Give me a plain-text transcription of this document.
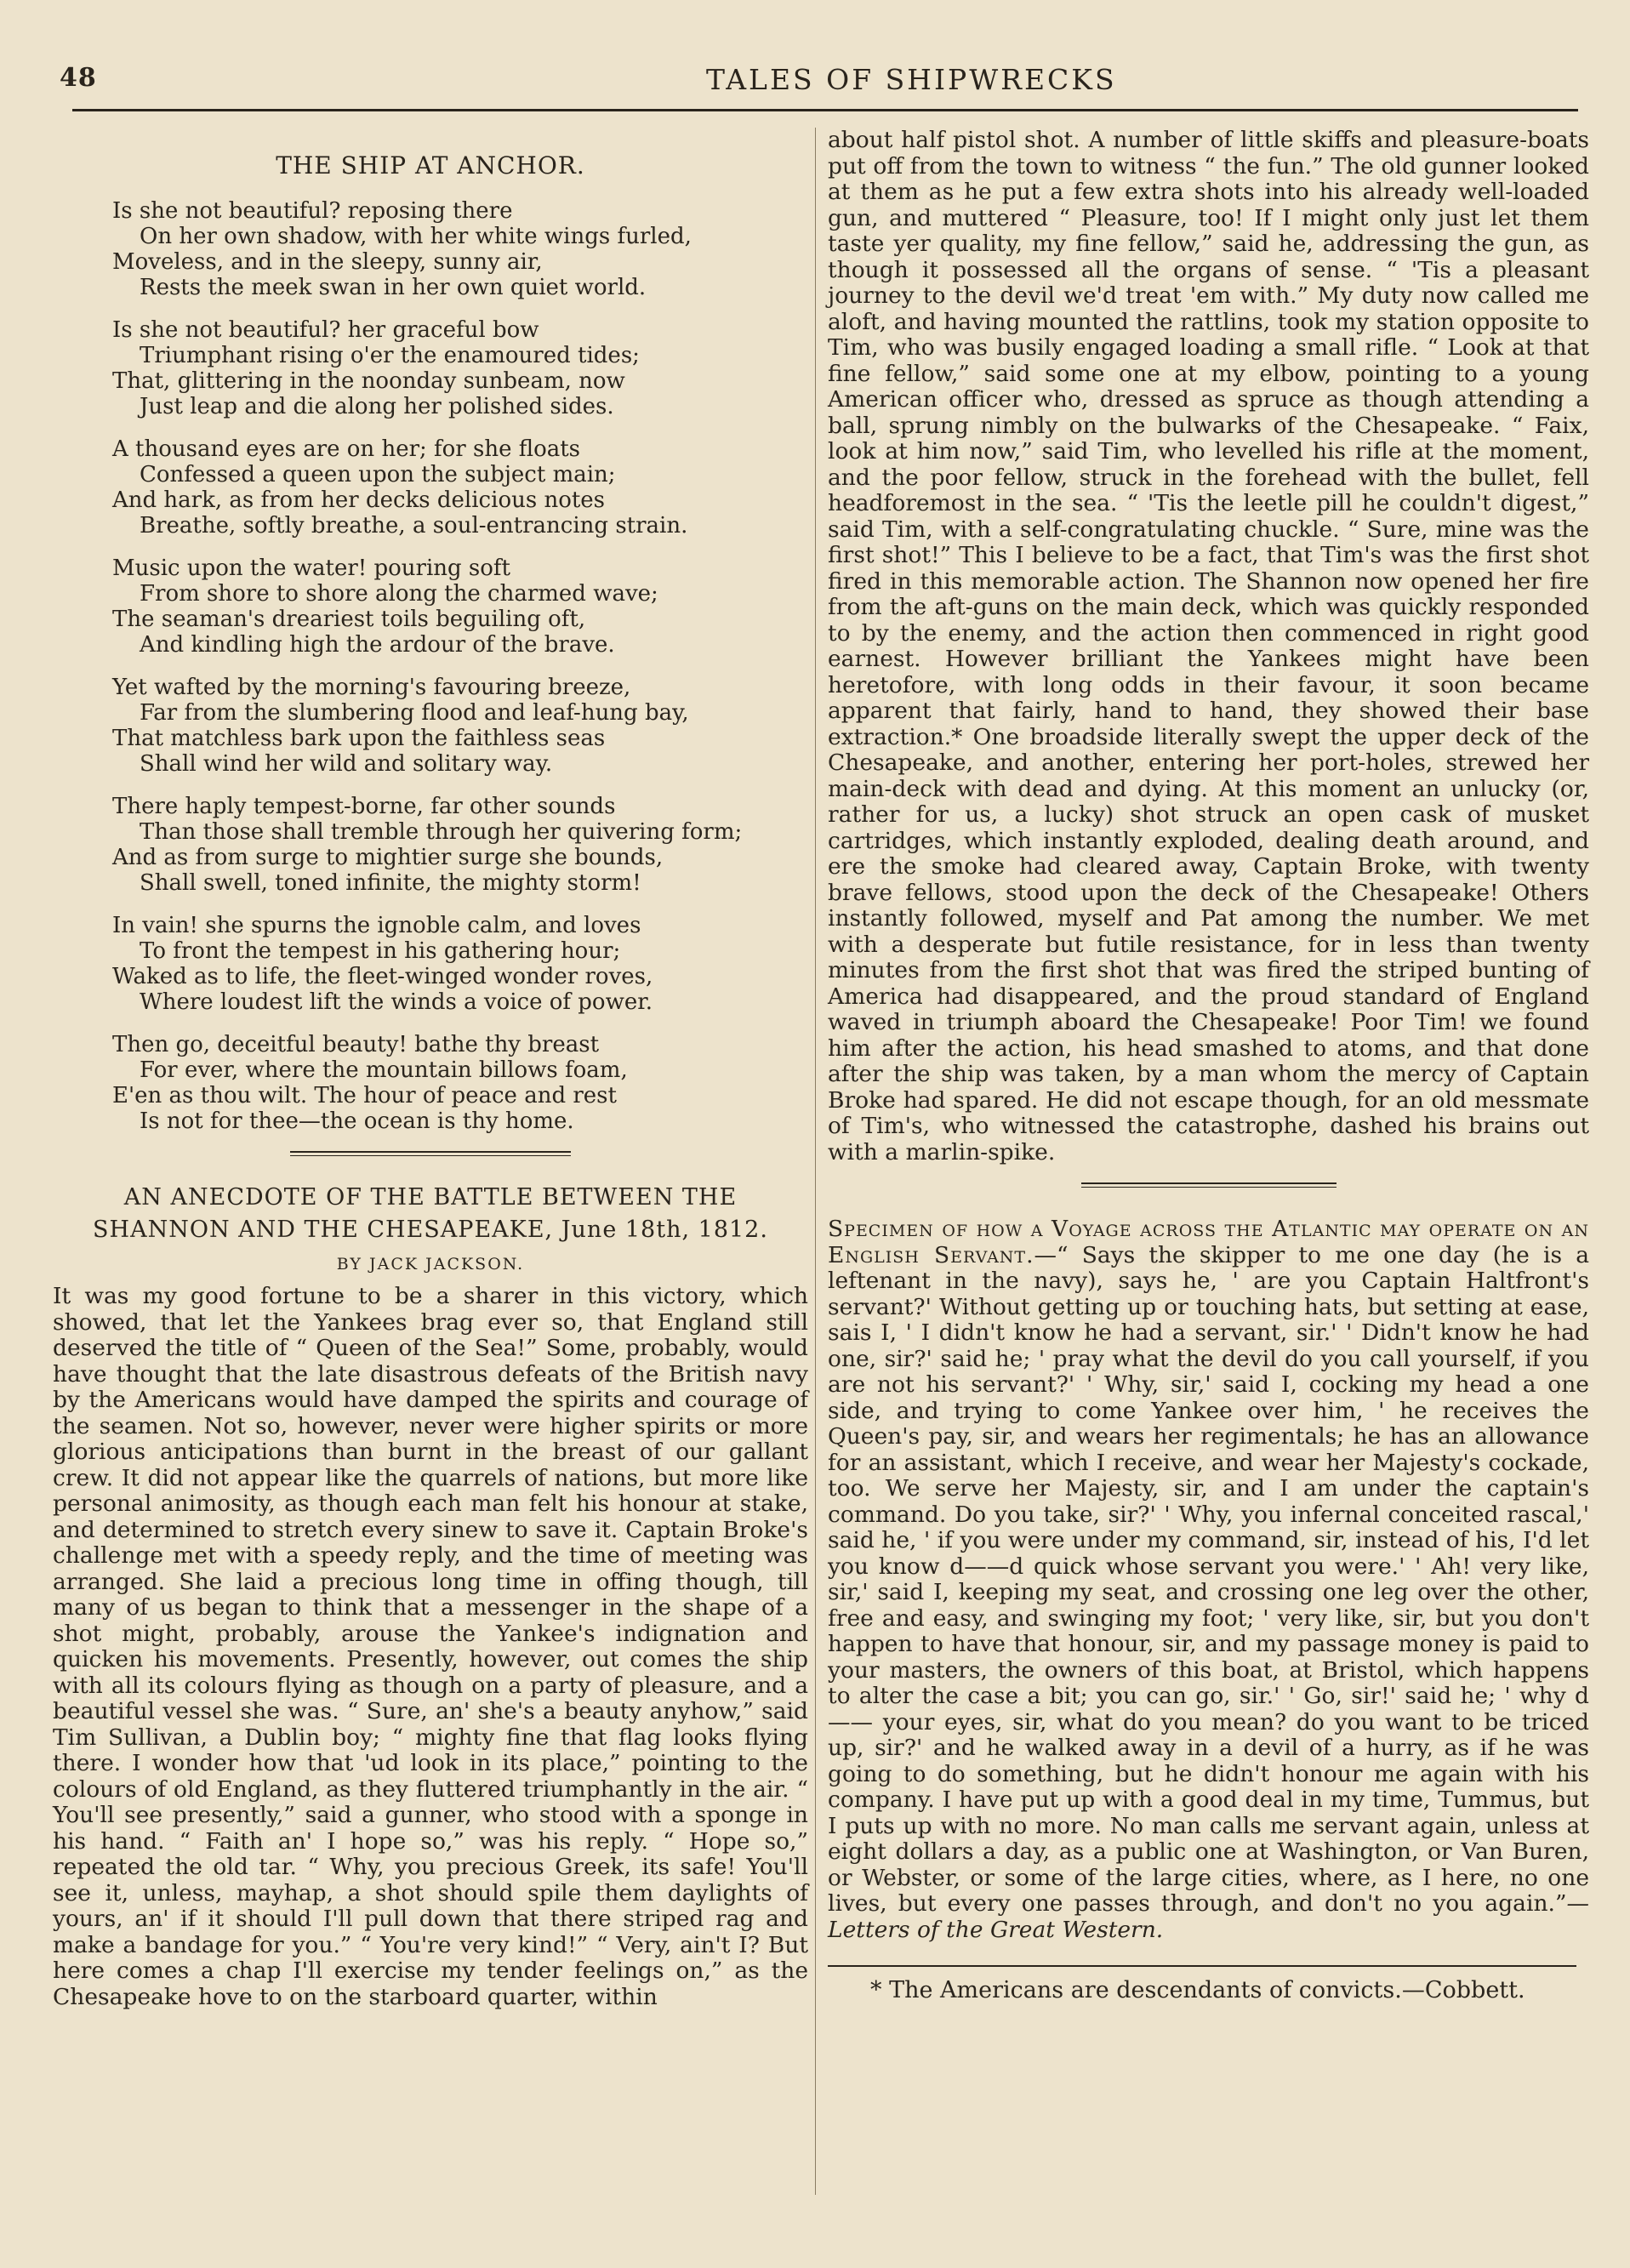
48	TALES OF SHIPWRECKS
THE SHIP AT ANCHOR.
Is she not beautiful? reposing there
On her own shadow, with her white wings furled,
Moveless, and in the sleepy, sunny air,
Rests the meek swan in her own quiet world.
Is she not beautiful? her graceful bow
Triumphant rising o'er the enamoured tides;
That, glittering in the noonday sunbeam, now
Just leap and die along her polished sides.
A thousand eyes are on her; for she floats
Confessed a queen upon the subject main;
And hark, as from her decks delicious notes
Breathe, softly breathe, a soul-entrancing strain.
Music upon the water! pouring soft
From shore to shore along the charmed wave;
The seaman's dreariest toils beguiling oft,
And kindling high the ardour of the brave.
Yet wafted by the morning's favouring breeze,
Far from the slumbering flood and leaf-hung bay,
That matchless bark upon the faithless seas
Shall wind her wild and solitary way.
There haply tempest-borne, far other sounds
Than those shall tremble through her quivering form;
And as from surge to mightier surge she bounds,
Shall swell, toned infinite, the mighty storm!
In vain! she spurns the ignoble calm, and loves
To front the tempest in his gathering hour;
Waked as to life, the fleet-winged wonder roves,
Where loudest lift the winds a voice of power.
Then go, deceitful beauty! bathe thy breast
For ever, where the mountain billows foam,
E'en as thou wilt. The hour of peace and rest
Is not for thee—the ocean is thy home.
AN ANECDOTE OF THE BATTLE BETWEEN THE
SHANNON AND THE CHESAPEAKE, June 18th, 1812.
BY JACK JACKSON.

It was my good fortune to be a sharer in this victory, which showed, that let the Yankees brag ever so, that England still deserved the title of “ Queen of the Sea!” Some, probably, would have thought that the late disastrous defeats of the British navy by the Americans would have damped the spirits and courage of the seamen. Not so, however, never were higher spirits or more glorious anticipations than burnt in the breast of our gallant crew. It did not appear like the quarrels of nations, but more like personal animosity, as though each man felt his honour at stake, and determined to stretch every sinew to save it. Captain Broke's challenge met with a speedy reply, and the time of meeting was arranged. She laid a precious long time in offing though, till many of us began to think that a messenger in the shape of a shot might, probably, arouse the Yankee's indignation and quicken his movements. Presently, however, out comes the ship with all its colours flying as though on a party of pleasure, and a beautiful vessel she was. “ Sure, an' she's a beauty anyhow,” said Tim Sullivan, a Dublin boy; “ mighty fine that flag looks flying there. I wonder how that 'ud look in its place,” pointing to the colours of old England, as they fluttered triumphantly in the air. “ You'll see presently,” said a gunner, who stood with a sponge in his hand. “ Faith an' I hope so,” was his reply. “ Hope so,” repeated the old tar. “ Why, you precious Greek, its safe! You'll see it, unless, mayhap, a shot should spile them daylights of yours, an' if it should I'll pull down that there striped rag and make a bandage for you.” “ You're very kind!” “ Very, ain't I? But here comes a chap I'll exercise my tender feelings on,” as the Chesapeake hove to on the starboard quarter, within

about half pistol shot. A number of little skiffs and pleasure-boats put off from the town to witness “ the fun.” The old gunner looked at them as he put a few extra shots into his already well-loaded gun, and muttered “ Pleasure, too! If I might only just let them taste yer quality, my fine fellow,” said he, addressing the gun, as though it possessed all the organs of sense. “ 'Tis a pleasant journey to the devil we'd treat 'em with.” My duty now called me aloft, and having mounted the rattlins, took my station opposite to Tim, who was busily engaged loading a small rifle. “ Look at that fine fellow,” said some one at my elbow, pointing to a young American officer who, dressed as spruce as though attending a ball, sprung nimbly on the bulwarks of the Chesapeake. “ Faix, look at him now,” said Tim, who levelled his rifle at the moment, and the poor fellow, struck in the forehead with the bullet, fell headforemost in the sea. “ 'Tis the leetle pill he couldn't digest,” said Tim, with a self-congratulating chuckle. “ Sure, mine was the first shot!” This I believe to be a fact, that Tim's was the first shot fired in this memorable action. The Shannon now opened her fire from the aft-guns on the main deck, which was quickly responded to by the enemy, and the action then commenced in right good earnest. However brilliant the Yankees might have been heretofore, with long odds in their favour, it soon became apparent that fairly, hand to hand, they showed their base extraction.* One broadside literally swept the upper deck of the Chesapeake, and another, entering her port-holes, strewed her main-deck with dead and dying. At this moment an unlucky (or, rather for us, a lucky) shot struck an open cask of musket cartridges, which instantly exploded, dealing death around, and ere the smoke had cleared away, Captain Broke, with twenty brave fellows, stood upon the deck of the Chesapeake! Others instantly followed, myself and Pat among the number. We met with a desperate but futile resistance, for in less than twenty minutes from the first shot that was fired the striped bunting of America had disappeared, and the proud standard of England waved in triumph aboard the Chesapeake! Poor Tim! we found him after the action, his head smashed to atoms, and that done after the ship was taken, by a man whom the mercy of Captain Broke had spared. He did not escape though, for an old messmate of Tim's, who witnessed the catastrophe, dashed his brains out with a marlin-spike.

Specimen of how a Voyage across the Atlantic may operate on an English Servant.—“ Says the skipper to me one day (he is a leftenant in the navy), says he, ' are you Captain Haltfront's servant?' Without getting up or touching hats, but setting at ease, sais I, ' I didn't know he had a servant, sir.' ' Didn't know he had one, sir?' said he; ' pray what the devil do you call yourself, if you are not his servant?' ' Why, sir,' said I, cocking my head a one side, and trying to come Yankee over him, ' he receives the Queen's pay, sir, and wears her regimentals; he has an allowance for an assistant, which I receive, and wear her Majesty's cockade, too. We serve her Majesty, sir, and I am under the captain's command. Do you take, sir?' ' Why, you infernal conceited rascal,' said he, ' if you were under my command, sir, instead of his, I'd let you know d——d quick whose servant you were.' ' Ah! very like, sir,' said I, keeping my seat, and crossing one leg over the other, free and easy, and swinging my foot; ' very like, sir, but you don't happen to have that honour, sir, and my passage money is paid to your masters, the owners of this boat, at Bristol, which happens to alter the case a bit; you can go, sir.' ' Go, sir!' said he; ' why d—— your eyes, sir, what do you mean? do you want to be triced up, sir?' and he walked away in a devil of a hurry, as if he was going to do something, but he didn't honour me again with his company. I have put up with a good deal in my time, Tummus, but I puts up with no more. No man calls me servant again, unless at eight dollars a day, as a public one at Washington, or Van Buren, or Webster, or some of the large cities, where, as I here, no one lives, but every one passes through, and don't no you again.”—Letters of the Great Western.

* The Americans are descendants of convicts.—Cobbett.
